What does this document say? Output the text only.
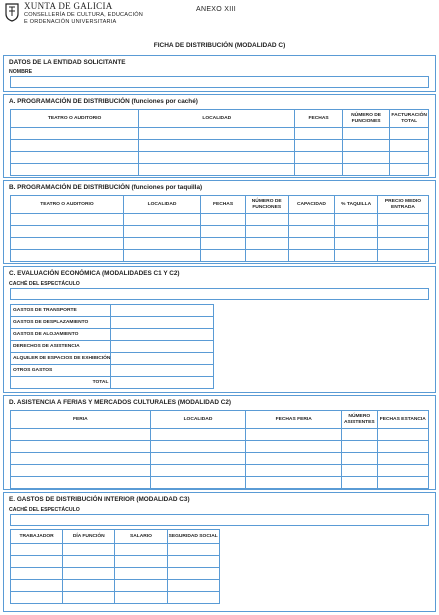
XUNTA DE GALICIA
CONSELLERÍA DE CULTURA, EDUCACIÓN
E ORDENACIÓN UNIVERSITARIA
ANEXO XIII
FICHA DE DISTRIBUCIÓN (MODALIDAD C)
DATOS DE LA ENTIDAD SOLICITANTE
NOMBRE
A. PROGRAMACIÓN DE DISTRIBUCIÓN (funciones por caché)
TEATRO O AUDITORIO	LOCALIDAD	FECHAS	NÚMERO DE FUNCIONES	FACTURACIÓN TOTAL

B. PROGRAMACIÓN DE DISTRIBUCIÓN (funciones por taquilla)
TEATRO O AUDITORIO	LOCALIDAD	FECHAS	NÚMERO DE FUNCIONES	CAPACIDAD	% TAQUILLA	PRECIO MEDIO ENTRADA

C. EVALUACIÓN ECONÓMICA (MODALIDADES C1 Y C2)
CACHÉ DEL ESPECTÁCULO
GASTOS DE TRANSPORTE	
GASTOS DE DESPLAZAMIENTO	
GASTOS DE ALOJAMIENTO	
DERECHOS DE ASISTENCIA	
ALQUILER DE ESPACIOS DE EXHIBICIÓN	
OTROS GASTOS	
TOTAL	
D. ASISTENCIA A FERIAS Y MERCADOS CULTURALES (MODALIDAD C2)
FERIA	LOCALIDAD	FECHAS FERIA	NÚMERO ASISTENTES	FECHAS ESTANCIA

E. GASTOS DE DISTRIBUCIÓN INTERIOR (MODALIDAD C3)
CACHÉ DEL ESPECTÁCULO
TRABAJADOR	DÍA FUNCIÓN	SALARIO	SEGURIDAD SOCIAL
